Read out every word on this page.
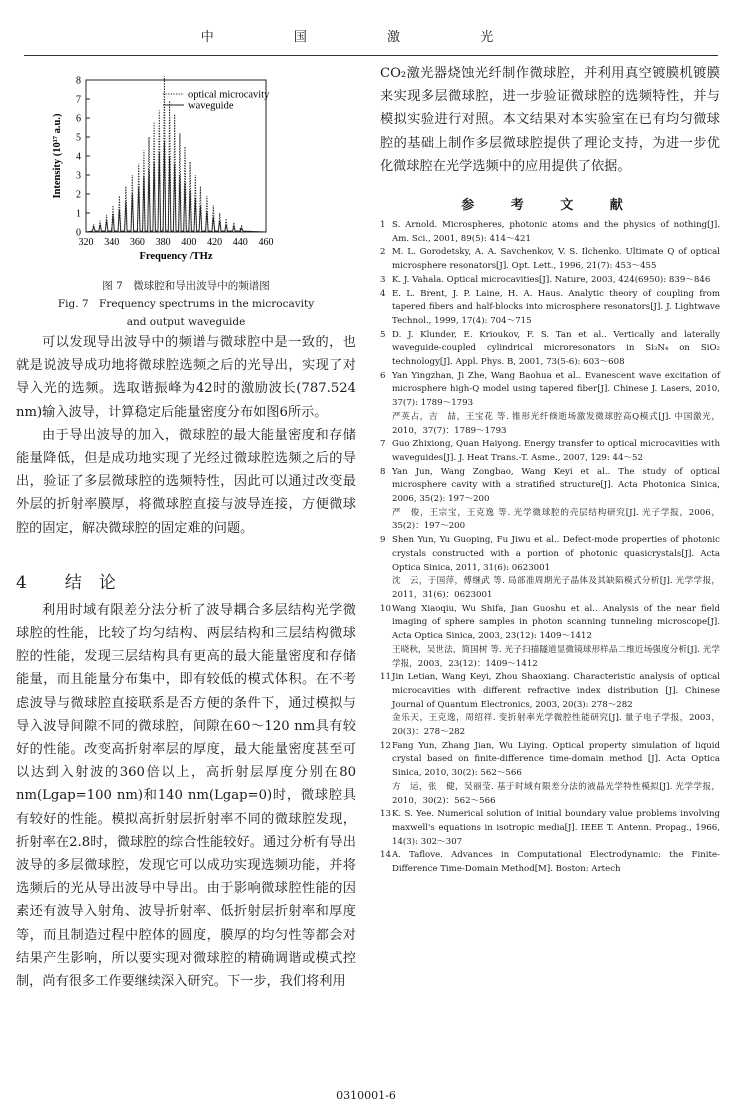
中 国 激 光
320 340 360 380 400 420 440 460
0
1
2
3
4
5
6
7
8
Frequency /THz
Intensity (10¹⁷ a.u.)
optical microcavity
waveguide
图 7　微球腔和导出波导中的频谱图
Fig. 7　Frequency spectrums in the microcavity
and output waveguide

可以发现导出波导中的频谱与微球腔中是一致的，也就是说波导成功地将微球腔选频之后的光导出，实现了对导入光的选频。选取谐振峰为42时的激励波长(787.524 nm)输入波导，计算稳定后能量密度分布如图6所示。

由于导出波导的加入，微球腔的最大能量密度和存储能量降低，但是成功地实现了光经过微球腔选频之后的导出，验证了多层微球腔的选频特性，因此可以通过改变最外层的折射率膜厚，将微球腔直接与波导连接，方便微球腔的固定，解决微球腔的固定难的问题。

4 结　论

利用时域有限差分法分析了波导耦合多层结构光学微球腔的性能，比较了均匀结构、两层结构和三层结构微球腔的性能，发现三层结构具有更高的最大能量密度和存储能量，而且能量分布集中，即有较低的模式体积。在不考虑波导与微球腔直接联系是否方便的条件下，通过模拟与导入波导间隙不同的微球腔，间隙在60～120 nm具有较好的性能。改变高折射率层的厚度，最大能量密度甚至可以达到入射波的360倍以上，高折射层厚度分别在80 nm(Lgap=100 nm)和140 nm(Lgap=0)时，微球腔具有较好的性能。模拟高折射层折射率不同的微球腔发现，折射率在2.8时，微球腔的综合性能较好。通过分析有导出波导的多层微球腔，发现它可以成功实现选频功能，并将选频后的光从导出波导中导出。由于影响微球腔性能的因素还有波导入射角、波导折射率、低折射层折射率和厚度等，而且制造过程中腔体的圆度，膜厚的均匀性等都会对结果产生影响，所以要实现对微球腔的精确调谐或模式控制，尚有很多工作要继续深入研究。下一步，我们将利用

CO₂激光器烧蚀光纤制作微球腔，并利用真空镀膜机镀膜来实现多层微球腔，进一步验证微球腔的选频特性，并与模拟实验进行对照。本文结果对本实验室在已有均匀微球腔的基础上制作多层微球腔提供了理论支持，为进一步优化微球腔在光学选频中的应用提供了依据。

参 考 文 献
1 S. Arnold. Microspheres, photonic atoms and the physics of nothing[J]. Am. Sci., 2001, 89(5): 414～421
2 M. L. Gorodetsky, A. A. Savchenkov, V. S. Ilchenko. Ultimate Q of optical microsphere resonators[J]. Opt. Lett., 1996, 21(7): 453～455
3 K. J. Vahala. Optical microcavities[J]. Nature, 2003, 424(6950): 839～846
4 E. L. Brent, J. P. Laine, H. A. Haus. Analytic theory of coupling from tapered fibers and half-blocks into microsphere resonators[J]. J. Lightwave Technol., 1999, 17(4): 704～715
5 D. J. Klunder, E. Krioukov, F. S. Tan et al.. Vertically and laterally waveguide-coupled cylindrical microresonators in Si₃N₄ on SiO₂ technology[J]. Appl. Phys. B, 2001, 73(5-6): 603～608
6 Yan Yingzhan, Ji Zhe, Wang Baohua et al.. Evanescent wave excitation of microsphere high-Q model using tapered fiber[J]. Chinese J. Lasers, 2010, 37(7): 1789～1793
严英占，吉　喆，王宝花 等. 锥形光纤倏逝场激发微球腔高Q模式[J]. 中国激光，2010，37(7)：1789～1793
7 Guo Zhixiong, Quan Haiyong. Energy transfer to optical microcavities with waveguides[J]. J. Heat Trans.-T. Asme., 2007, 129: 44～52
8 Yan Jun, Wang Zongbao, Wang Keyi et al.. The study of optical microsphere cavity with a stratified structure[J]. Acta Photonica Sinica, 2006, 35(2): 197～200
严　俊，王宗宝，王克逸 等. 光学微球腔的壳层结构研究[J]. 光子学报，2006，35(2)：197～200
9 Shen Yun, Yu Guoping, Fu Jiwu et al.. Defect-mode properties of photonic crystals constructed with a portion of photonic quasicrystals[J]. Acta Optica Sinica, 2011, 31(6): 0623001
沈　云，于国萍，傅继武 等. 局部准周期光子晶体及其缺陷模式分析[J]. 光学学报，2011，31(6)：0623001
10 Wang Xiaoqiu, Wu Shifa, Jian Guoshu et al.. Analysis of the near field imaging of sphere samples in photon scanning tunneling microscope[J]. Acta Optica Sinica, 2003, 23(12): 1409～1412
王晓秋，吴世法，简国树 等. 光子扫描隧道显微镜球形样品二维近场强度分析[J]. 光学学报，2003，23(12)：1409～1412
11 Jin Letian, Wang Keyi, Zhou Shaoxiang. Characteristic analysis of optical microcavities with different refractive index distribution [J]. Chinese Journal of Quantum Electronics, 2003, 20(3): 278～282
金乐天，王克逸，周绍祥. 变折射率光学微腔性能研究[J]. 量子电子学报，2003，20(3)：278～282
12 Fang Yun, Zhang Jian, Wu Liying. Optical property simulation of liquid crystal based on finite-difference time-domain method [J]. Acta Optica Sinica, 2010, 30(2): 562～566
方　运，张　健，吴丽莹. 基于时域有限差分法的液晶光学特性模拟[J]. 光学学报，2010，30(2)：562～566
13 K. S. Yee. Numerical solution of initial boundary value problems involving maxwell's equations in isotropic media[J]. IEEE T. Antenn. Propag., 1966, 14(3): 302～307
14 A. Taflove. Advances in Computational Electrodynamic: the Finite-Difference Time-Domain Method[M]. Boston: Artech
0310001-6
